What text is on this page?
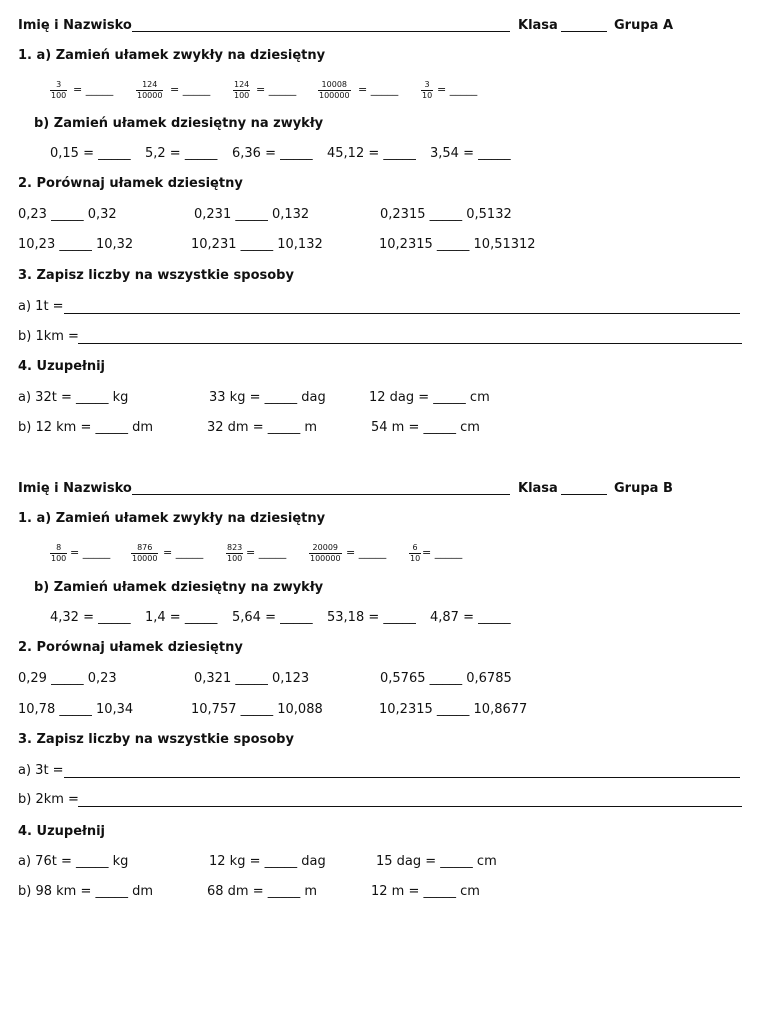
Imię i Nazwisko	Klasa	Grupa A
1. a) Zamień ułamek zwykły na dziesiętny
$\frac{3}{100}$ = _____	$\frac{124}{10000}$ = _____	$\frac{124}{100}$ = _____	$\frac{10008}{100000}$ = _____	$\frac{3}{10}$ = _____
b) Zamień ułamek dziesiętny na zwykły
0,15 = _____ 5,2 = _____ 6,36 = _____ 45,12 = _____ 3,54 = _____
2. Porównaj ułamek dziesiętny
0,23 _____ 0,32	0,231 _____ 0,132	0,2315 _____ 0,5132
10,23 _____ 10,32	10,231 _____ 10,132	10,2315 _____ 10,51312
3. Zapisz liczby na wszystkie sposoby
a) 1t =
b) 1km =
4. Uzupełnij
a) 32t = _____ kg	33 kg = _____ dag	12 dag = _____ cm
b) 12 km = _____ dm	32 dm = _____ m	54 m = _____ cm
Imię i Nazwisko	Klasa	Grupa B
1. a) Zamień ułamek zwykły na dziesiętny
$\frac{8}{100}$ = _____	$\frac{876}{10000}$ = _____	$\frac{823}{100}$ = _____	$\frac{20009}{100000}$ = _____	$\frac{6}{10}$ = _____
b) Zamień ułamek dziesiętny na zwykły
4,32 = _____ 1,4 = _____ 5,64 = _____ 53,18 = _____ 4,87 = _____
2. Porównaj ułamek dziesiętny
0,29 _____ 0,23	0,321 _____ 0,123	0,5765 _____ 0,6785
10,78 _____ 10,34	10,757 _____ 10,088	10,2315 _____ 10,8677
3. Zapisz liczby na wszystkie sposoby
a) 3t =
b) 2km =
4. Uzupełnij
a) 76t = _____ kg	12 kg = _____ dag	15 dag = _____ cm
b) 98 km = _____ dm	68 dm = _____ m	12 m = _____ cm
